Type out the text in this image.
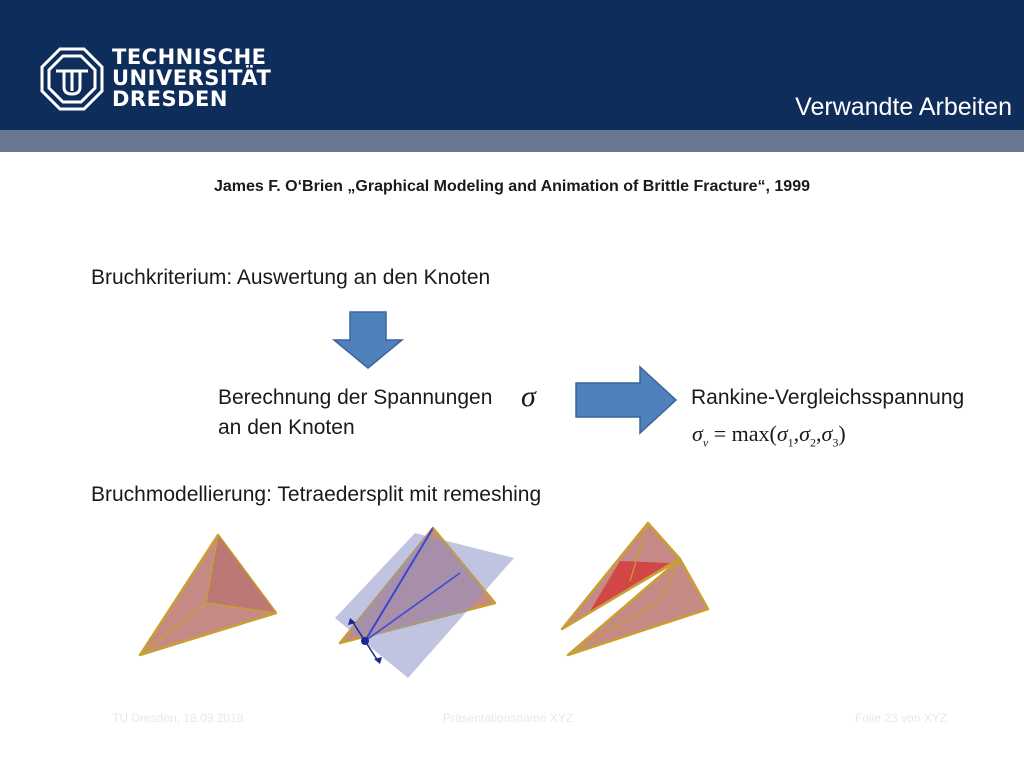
TECHNISCHE
UNIVERSITÄT
DRESDEN	Verwandte Arbeiten
James F. O‘Brien „Graphical Modeling and Animation of Brittle Fracture“, 1999
Bruchkriterium: Auswertung an den Knoten
Berechnung der Spannungen
an den Knoten
σ	Rankine-Vergleichsspannung
$\sigma_v = \max(\sigma_1,\sigma_2,\sigma_3)$
Bruchmodellierung: Tetraedersplit mit remeshing
TU Dresden, 18.09.2018	Präsentationsname XYZ	Folie 23 von XYZ
